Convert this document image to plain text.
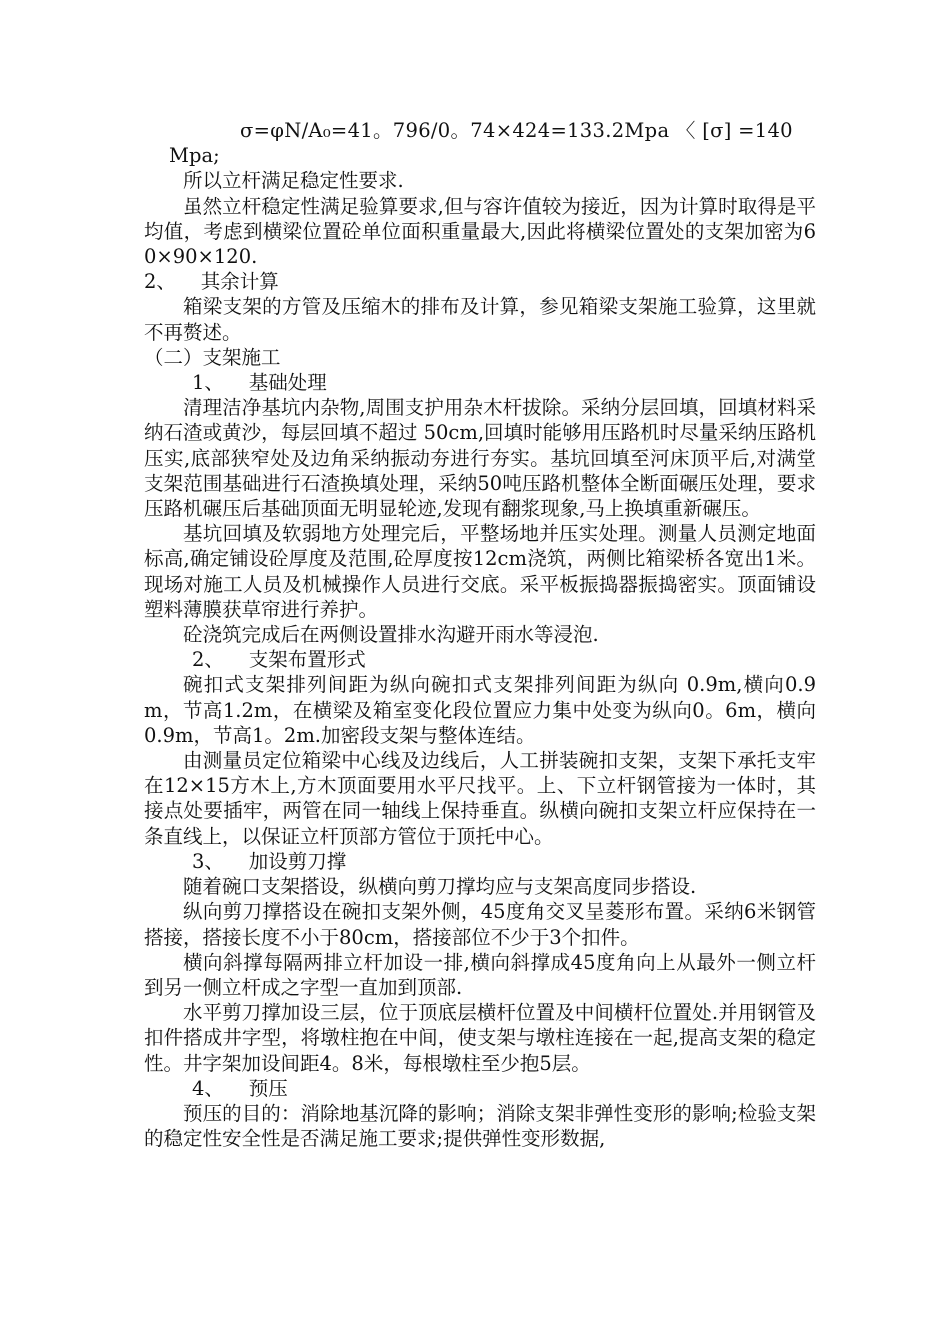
σ=φN/A₀=41。796/0。74×424=133.2Mpa 〈 [σ] =140

Mpa;

所以立杆满足稳定性要求.

虽然立杆稳定性满足验算要求,但与容许值较为接近，因为计算时取得是平均值，考虑到横梁位置砼单位面积重量最大,因此将横梁位置处的支架加密为60×90×120.

2、    其余计算

箱梁支架的方管及压缩木的排布及计算，参见箱梁支架施工验算，这里就不再赘述。

（二）支架施工

1、    基础处理

清理洁净基坑内杂物,周围支护用杂木杆拔除。采纳分层回填，回填材料采纳石渣或黄沙，每层回填不超过 50cm,回填时能够用压路机时尽量采纳压路机压实,底部狭窄处及边角采纳振动夯进行夯实。基坑回填至河床顶平后,对满堂支架范围基础进行石渣换填处理，采纳50吨压路机整体全断面碾压处理，要求压路机碾压后基础顶面无明显轮迹,发现有翻浆现象,马上换填重新碾压。

基坑回填及软弱地方处理完后，平整场地并压实处理。测量人员测定地面标高,确定铺设砼厚度及范围,砼厚度按12cm浇筑，两侧比箱梁桥各宽出1米。现场对施工人员及机械操作人员进行交底。采平板振捣器振捣密实。顶面铺设塑料薄膜获草帘进行养护。

砼浇筑完成后在两侧设置排水沟避开雨水等浸泡.

2、    支架布置形式

碗扣式支架排列间距为纵向碗扣式支架排列间距为纵向 0.9m,横向0.9m，节高1.2m，在横梁及箱室变化段位置应力集中处变为纵向0。6m，横向0.9m，节高1。2m.加密段支架与整体连结。

由测量员定位箱梁中心线及边线后，人工拼装碗扣支架，支架下承托支牢在12×15方木上,方木顶面要用水平尺找平。上、下立杆钢管接为一体时，其接点处要插牢，两管在同一轴线上保持垂直。纵横向碗扣支架立杆应保持在一条直线上，以保证立杆顶部方管位于顶托中心。

3、    加设剪刀撑

随着碗口支架搭设，纵横向剪刀撑均应与支架高度同步搭设.

纵向剪刀撑搭设在碗扣支架外侧，45度角交叉呈菱形布置。采纳6米钢管搭接，搭接长度不小于80cm，搭接部位不少于3个扣件。

横向斜撑每隔两排立杆加设一排,横向斜撑成45度角向上从最外一侧立杆到另一侧立杆成之字型一直加到顶部.

水平剪刀撑加设三层，位于顶底层横杆位置及中间横杆位置处.并用钢管及扣件搭成井字型，将墩柱抱在中间，使支架与墩柱连接在一起,提高支架的稳定性。井字架加设间距4。8米，每根墩柱至少抱5层。

4、    预压

预压的目的：消除地基沉降的影响；消除支架非弹性变形的影响;检验支架的稳定性安全性是否满足施工要求;提供弹性变形数据,
